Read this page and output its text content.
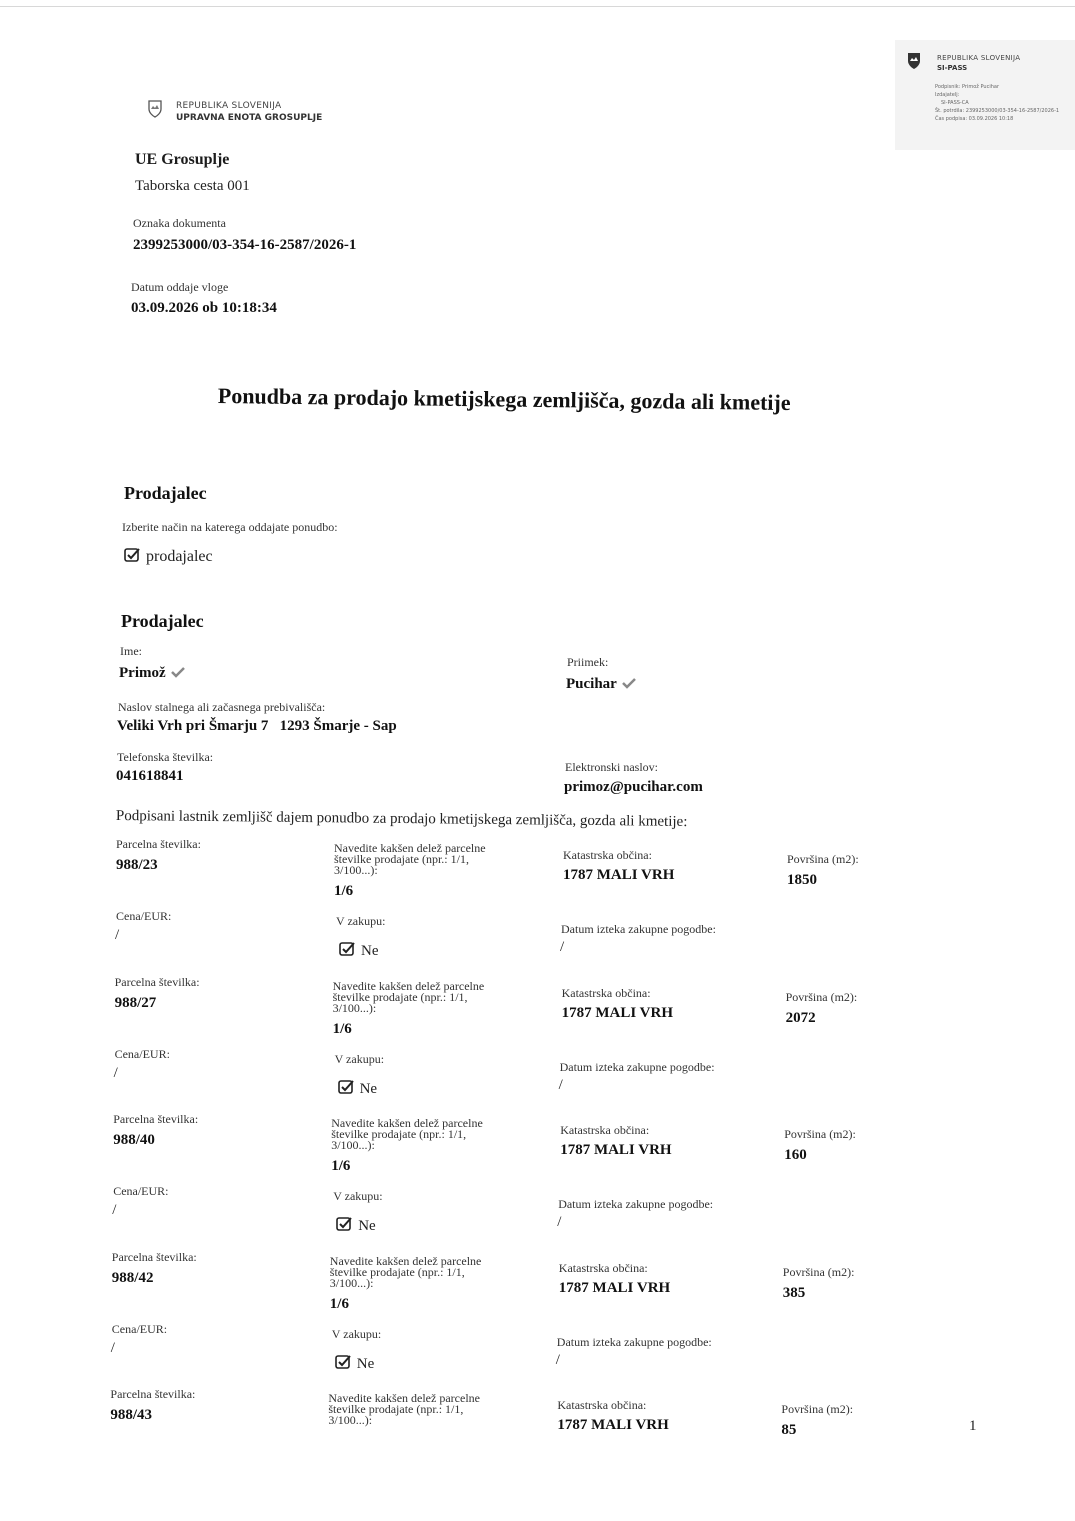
REPUBLIKA SLOVENIJA
SI-PASS
Podpisnik: Primož Pucihar
Izdajatelj:
SI-PASS-CA
Št. potrdila: 2399253000/03-354-16-2587/2026-1
Čas podpisa: 03.09.2026 10:18
REPUBLIKA SLOVENIJA
UPRAVNA ENOTA GROSUPLJE
UE Grosuplje
Taborska cesta 001
Oznaka dokumenta
2399253000/03-354-16-2587/2026-1
Datum oddaje vloge
03.09.2026 ob 10:18:34
Ponudba za prodajo kmetijskega zemljišča, gozda ali kmetije
Prodajalec
Izberite način na katerega oddajate ponudbo:
prodajalec
Prodajalec
Ime:
Primož
Priimek:
Pucihar
Naslov stalnega ali začasnega prebivališča:
Veliki Vrh pri Šmarju 7   1293 Šmarje - Sap
Telefonska številka:
041618841
Elektronski naslov:
primoz@pucihar.com
Podpisani lastnik zemljišč dajem ponudbo za prodajo kmetijskega zemljišča, gozda ali kmetije:
Parcelna številka:
988/23
Navedite kakšen delež parcelne številke prodajate (npr.: 1/1, 3/100...):
1/6
Katastrska občina:
1787 MALI VRH
Površina (m2):
1850
Cena/EUR:
/
V zakupu:
Ne
Datum izteka zakupne pogodbe:
/
Parcelna številka:
988/27
Navedite kakšen delež parcelne številke prodajate (npr.: 1/1, 3/100...):
1/6
Katastrska občina:
1787 MALI VRH
Površina (m2):
2072
Cena/EUR:
/
V zakupu:
Ne
Datum izteka zakupne pogodbe:
/
Parcelna številka:
988/40
Navedite kakšen delež parcelne številke prodajate (npr.: 1/1, 3/100...):
1/6
Katastrska občina:
1787 MALI VRH
Površina (m2):
160
Cena/EUR:
/
V zakupu:
Ne
Datum izteka zakupne pogodbe:
/
Parcelna številka:
988/42
Navedite kakšen delež parcelne številke prodajate (npr.: 1/1, 3/100...):
1/6
Katastrska občina:
1787 MALI VRH
Površina (m2):
385
Cena/EUR:
/
V zakupu:
Ne
Datum izteka zakupne pogodbe:
/
Parcelna številka:
988/43
Navedite kakšen delež parcelne številke prodajate (npr.: 1/1, 3/100...):
Katastrska občina:
1787 MALI VRH
Površina (m2):
85	1
